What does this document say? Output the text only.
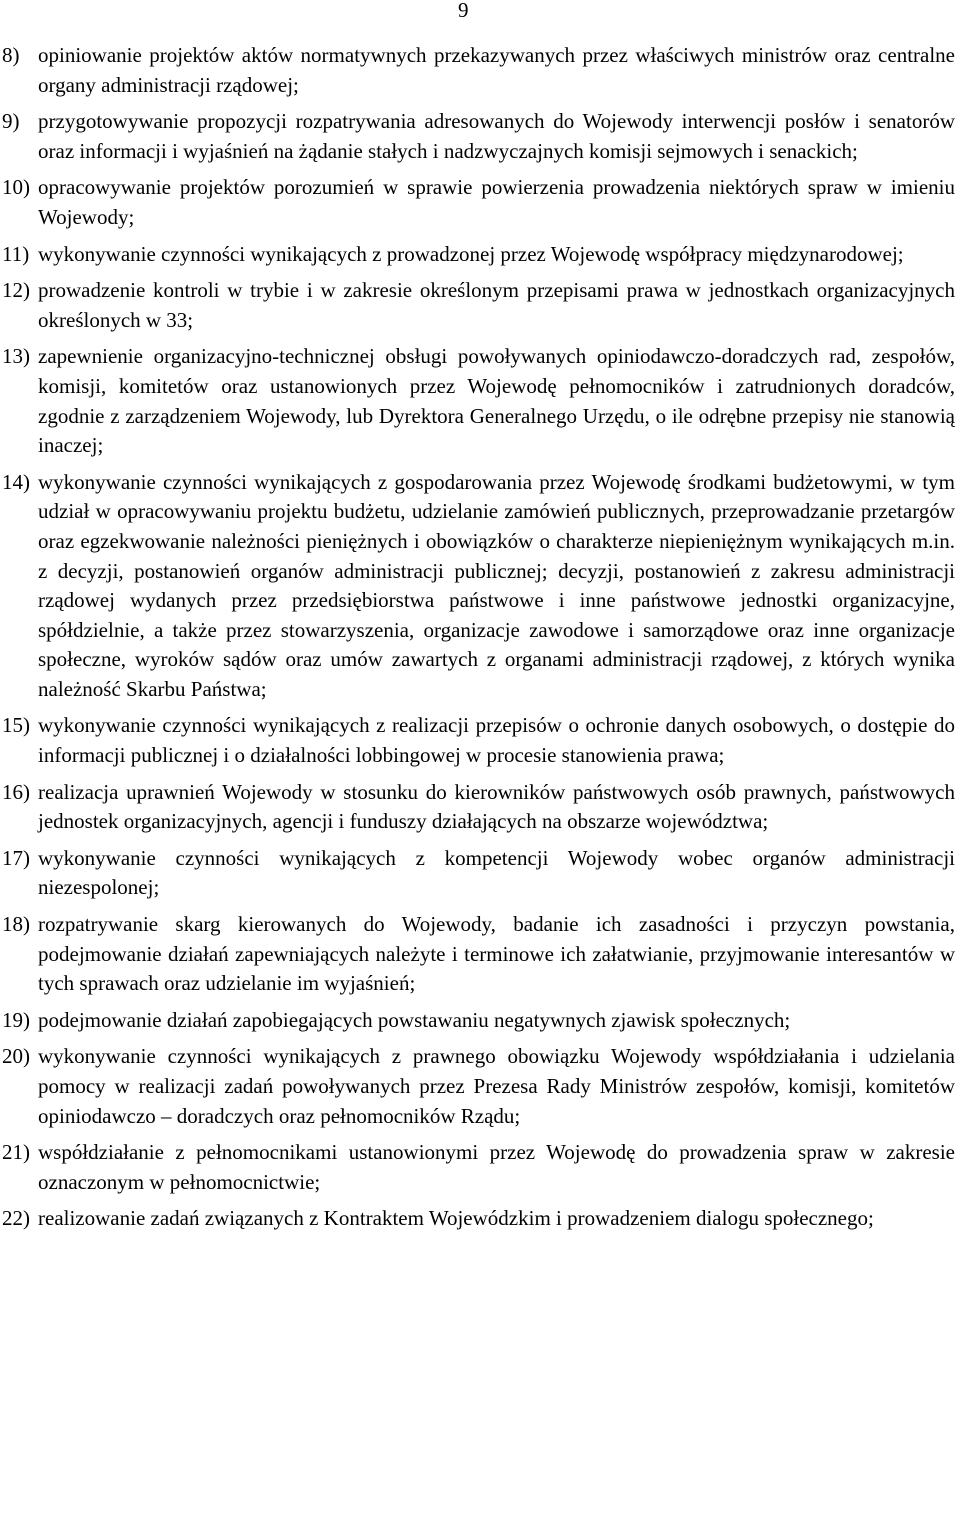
9
8) opiniowanie projektów aktów normatywnych przekazywanych przez właściwych ministrów oraz centralne organy administracji rządowej;
9) przygotowywanie propozycji rozpatrywania adresowanych do Wojewody interwencji posłów i senatorów oraz informacji i wyjaśnień na żądanie stałych i nadzwyczajnych komisji sejmowych i senackich;
10) opracowywanie projektów porozumień w sprawie powierzenia prowadzenia niektórych spraw w imieniu Wojewody;
11) wykonywanie czynności wynikających z prowadzonej przez Wojewodę współpracy międzynarodowej;
12) prowadzenie kontroli w trybie i w zakresie określonym przepisami prawa w jednostkach organizacyjnych określonych w 33;
13) zapewnienie organizacyjno-technicznej obsługi powoływanych opiniodawczo-doradczych rad, zespołów, komisji, komitetów oraz ustanowionych przez Wojewodę pełnomocników i zatrudnionych doradców, zgodnie z zarządzeniem Wojewody, lub Dyrektora Generalnego Urzędu, o ile odrębne przepisy nie stanowią inaczej;
14) wykonywanie czynności wynikających z gospodarowania przez Wojewodę środkami budżetowymi, w tym udział w opracowywaniu projektu budżetu, udzielanie zamówień publicznych, przeprowadzanie przetargów oraz egzekwowanie należności pieniężnych i obowiązków o charakterze niepieniężnym wynikających m.in. z decyzji, postanowień organów administracji publicznej; decyzji, postanowień z zakresu administracji rządowej wydanych przez przedsiębiorstwa państwowe i inne państwowe jednostki organizacyjne, spółdzielnie, a także przez stowarzyszenia, organizacje zawodowe i samorządowe oraz inne organizacje społeczne, wyroków sądów oraz umów zawartych z organami administracji rządowej, z których wynika należność Skarbu Państwa;
15) wykonywanie czynności wynikających z realizacji przepisów o ochronie danych osobowych, o dostępie do informacji publicznej i o działalności lobbingowej w procesie stanowienia prawa;
16) realizacja uprawnień Wojewody w stosunku do kierowników państwowych osób prawnych, państwowych jednostek organizacyjnych, agencji i funduszy działających na obszarze województwa;
17) wykonywanie czynności wynikających z kompetencji Wojewody wobec organów administracji niezespolonej;
18) rozpatrywanie skarg kierowanych do Wojewody, badanie ich zasadności i przyczyn powstania, podejmowanie działań zapewniających należyte i terminowe ich załatwianie, przyjmowanie interesantów w tych sprawach oraz udzielanie im wyjaśnień;
19) podejmowanie działań zapobiegających powstawaniu negatywnych zjawisk społecznych;
20) wykonywanie czynności wynikających z prawnego obowiązku Wojewody współdziałania i udzielania pomocy w realizacji zadań powoływanych przez Prezesa Rady Ministrów zespołów, komisji, komitetów opiniodawczo – doradczych oraz pełnomocników Rządu;
21) współdziałanie z pełnomocnikami ustanowionymi przez Wojewodę do prowadzenia spraw w zakresie oznaczonym w pełnomocnictwie;
22) realizowanie zadań związanych z Kontraktem Wojewódzkim i prowadzeniem dialogu społecznego;
